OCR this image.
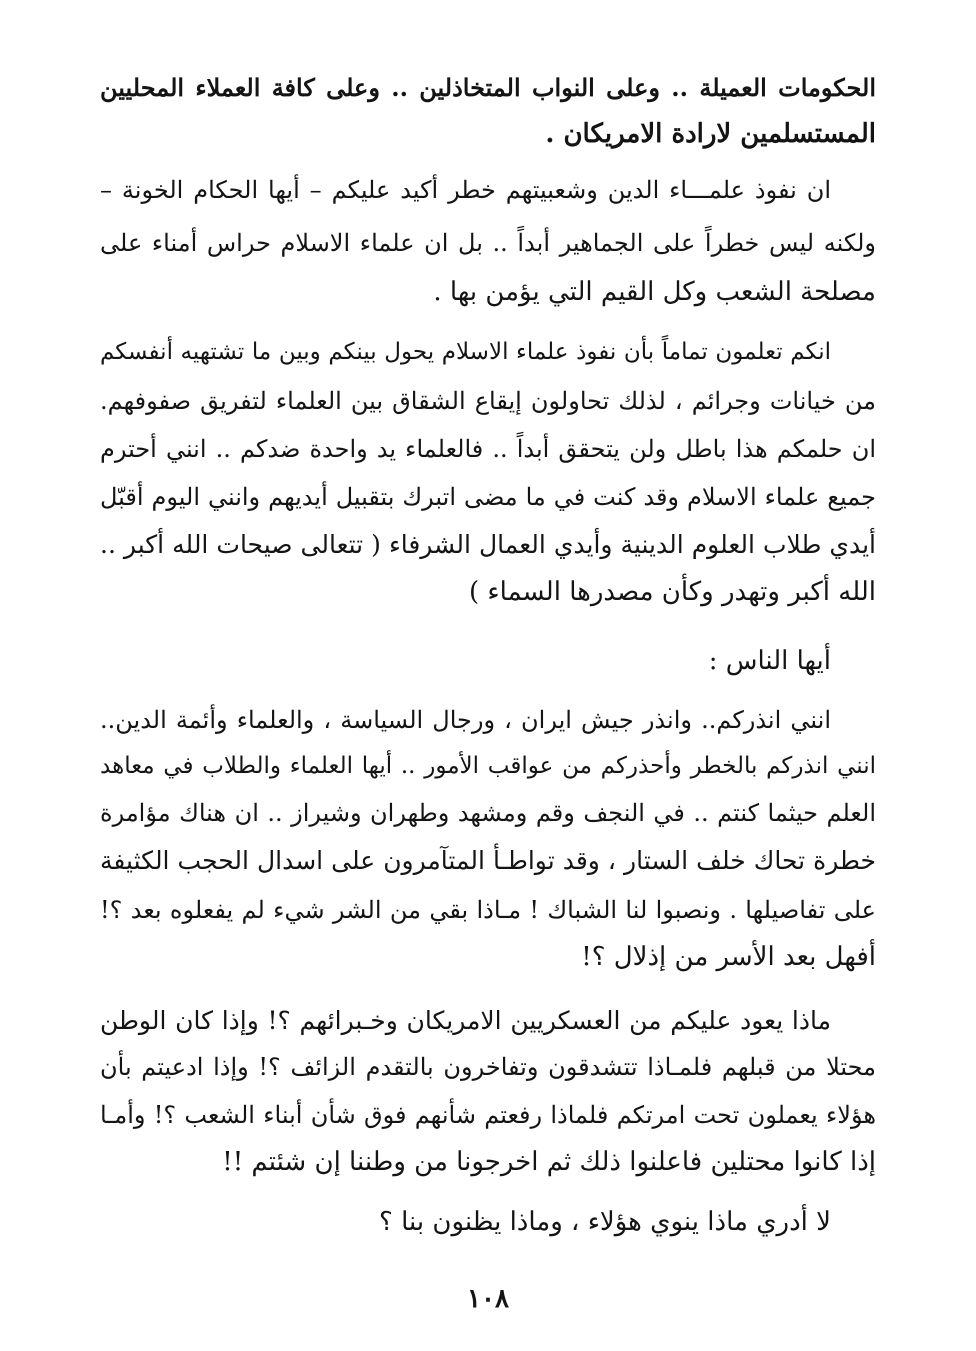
الحكومات العميلة .. وعلى النواب المتخاذلين .. وعلى كافة العملاء المحليين
المستسلمين لارادة الامريكان .
ان نفوذ علمـــاء الدين وشعبيتهم خطر أكيد عليكم – أيها الحكام الخونة –
ولكنه ليس خطراً على الجماهير أبداً .. بل ان علماء الاسلام حراس أمناء على
مصلحة الشعب وكل القيم التي يؤمن بها .
انكم تعلمون تماماً بأن نفوذ علماء الاسلام يحول بينكم وبين ما تشتهيه أنفسكم
من خيانات وجرائم ، لذلك تحاولون إيقاع الشقاق بين العلماء لتفريق صفوفهم.
ان حلمكم هذا باطل ولن يتحقق أبداً .. فالعلماء يد واحدة ضدكم .. انني أحترم
جميع علماء الاسلام وقد كنت في ما مضى اتبرك بتقبيل أيديهم وانني اليوم أقبّل
أيدي طلاب العلوم الدينية وأيدي العمال الشرفاء ( تتعالى صيحات الله أكبر ..
الله أكبر وتهدر وكأن مصدرها السماء )
أيها الناس :
انني انذركم.. وانذر جيش ايران ، ورجال السياسة ، والعلماء وأئمة الدين..
انني انذركم بالخطر وأحذركم من عواقب الأمور .. أيها العلماء والطلاب في معاهد
العلم حيثما كنتم .. في النجف وقم ومشهد وطهران وشيراز .. ان هناك مؤامرة
خطرة تحاك خلف الستار ، وقد تواطـأ المتآمرون على اسدال الحجب الكثيفة
على تفاصيلها . ونصبوا لنا الشباك ! مـاذا بقي من الشر شيء لم يفعلوه بعد ؟!
أفهل بعد الأسر من إذلال ؟!
ماذا يعود عليكم من العسكريين الامريكان وخـبرائهم ؟! وإذا كان الوطن
محتلا من قبلهم فلمـاذا تتشدقون وتفاخرون بالتقدم الزائف ؟! وإذا ادعيتم بأن
هؤلاء يعملون تحت امرتكم فلماذا رفعتم شأنهم فوق شأن أبناء الشعب ؟! وأمـا
إذا كانوا محتلين فاعلنوا ذلك ثم اخرجونا من وطننا إن شئتم !!
لا أدري ماذا ينوي هؤلاء ، وماذا يظنون بنا ؟
١٠٨
